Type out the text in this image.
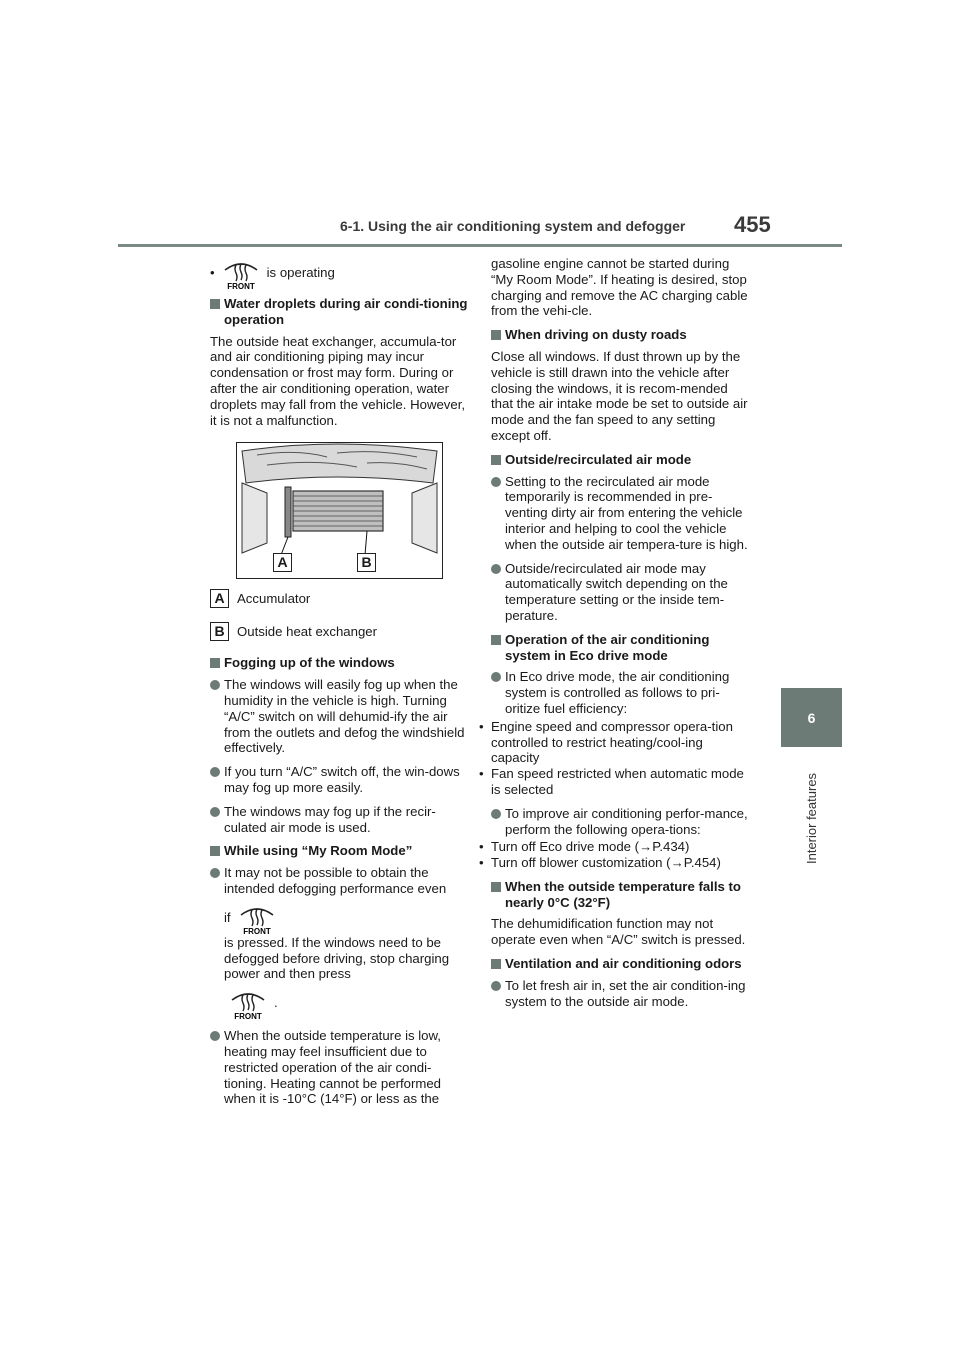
6-1. Using the air conditioning system and defogger 455
6
Interior features
•
FRONT
is operating
Water droplets during air condi-tioning operation

The outside heat exchanger, accumula-tor and air conditioning piping may incur condensation or frost may form. During or after the air conditioning operation, water droplets may fall from the vehicle. However, it is not a malfunction.

A	B
A Accumulator
B Outside heat exchanger
Fogging up of the windows
The windows will easily fog up when the humidity in the vehicle is high. Turning “A/C” switch on will dehumid-ify the air from the outlets and defog the windshield effectively.
If you turn “A/C” switch off, the win-dows may fog up more easily.
The windows may fog up if the recir-culated air mode is used.
While using “My Room Mode”
It may not be possible to obtain the intended defogging performance even
if
FRONT
is pressed. If the windows need to be defogged before driving, stop charging power and then press
FRONT
.
When the outside temperature is low, heating may feel insufficient due to restricted operation of the air condi-tioning. Heating cannot be performed when it is -10°C (14°F) or less as the

gasoline engine cannot be started during “My Room Mode”. If heating is desired, stop charging and remove the AC charging cable from the vehi-cle.

When driving on dusty roads

Close all windows. If dust thrown up by the vehicle is still drawn into the vehicle after closing the windows, it is recom-mended that the air intake mode be set to outside air mode and the fan speed to any setting except off.

Outside/recirculated air mode
Setting to the recirculated air mode temporarily is recommended in pre-venting dirty air from entering the vehicle interior and helping to cool the vehicle when the outside air tempera-ture is high.
Outside/recirculated air mode may automatically switch depending on the temperature setting or the inside tem-perature.
Operation of the air conditioning system in Eco drive mode
In Eco drive mode, the air conditioning system is controlled as follows to pri-oritize fuel efficiency:
• Engine speed and compressor opera-tion controlled to restrict heating/cool-ing capacity
• Fan speed restricted when automatic mode is selected
To improve air conditioning perfor-mance, perform the following opera-tions:
• Turn off Eco drive mode (→P.434)
• Turn off blower customization (→P.454)
When the outside temperature falls to nearly 0°C (32°F)

The dehumidification function may not operate even when “A/C” switch is pressed.

Ventilation and air conditioning odors
To let fresh air in, set the air condition-ing system to the outside air mode.
